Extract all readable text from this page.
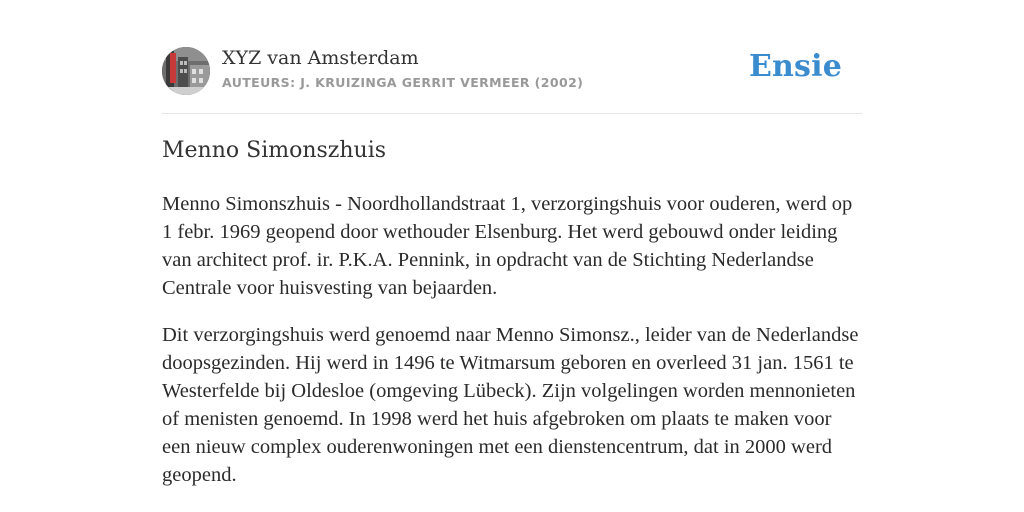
XYZ van Amsterdam
AUTEURS: J. KRUIZINGA GERRIT VERMEER (2002)	Ensie
Menno Simonszhuis

Menno Simonszhuis - Noordhollandstraat 1, verzorgingshuis voor ouderen, werd op 1 febr. 1969 geopend door wethouder Elsenburg. Het werd gebouwd onder leiding van architect prof. ir. P.K.A. Pennink, in opdracht van de Stichting Nederlandse Centrale voor huisvesting van bejaarden.

Dit verzorgingshuis werd genoemd naar Menno Simonsz., leider van de Nederlandse doopsgezinden. Hij werd in 1496 te Witmarsum geboren en overleed 31 jan. 1561 te Westerfelde bij Oldesloe (omgeving Lübeck). Zijn volgelingen worden mennonieten of menisten genoemd. In 1998 werd het huis afgebroken om plaats te maken voor een nieuw complex ouderenwoningen met een dienstencentrum, dat in 2000 werd geopend.
